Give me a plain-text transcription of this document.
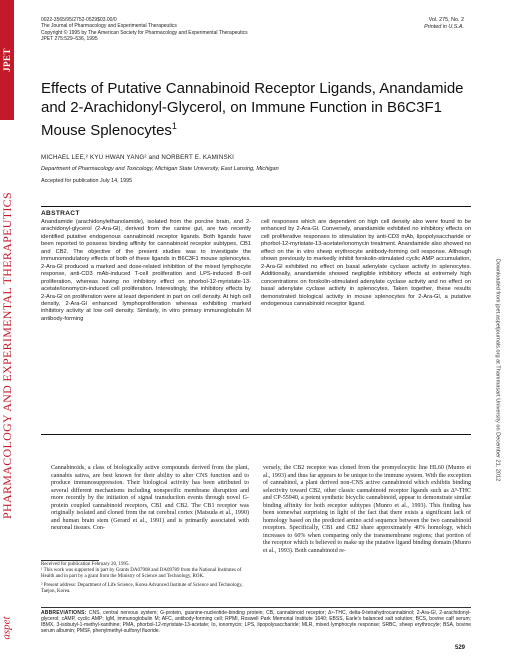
JPET
PHARMACOLOGY AND EXPERIMENTAL THERAPEUTICS
aspet
Downloaded from jpet.aspetjournals.org at Thammasart University on December 21, 2012
0022-3565/95/2752-0529$03.00/0
The Journal of Pharmacology and Experimental Therapeutics
Copyright © 1995 by The American Society for Pharmacology and Experimental Therapeutics
JPET 275:529–536, 1995
Vol. 275, No. 2
Printed in U.S.A.
Effects of Putative Cannabinoid Receptor Ligands, Anandamide and 2-Arachidonyl-Glycerol, on Immune Function in B6C3F1 Mouse Splenocytes$^1$
MICHAEL LEE,² KYU HWAN YANG² and NORBERT E. KAMINSKI
Department of Pharmacology and Toxicology, Michigan State University, East Lansing, Michigan
Accepted for publication July 14, 1995
ABSTRACT
Anandamide (arachidonylethanolamide), isolated from the porcine brain, and 2-arachidonyl-glycerol (2-Ara-Gl), derived from the canine gut, are two recently identified putative endogenous cannabinoid receptor ligands. Both ligands have been reported to possess binding affinity for cannabinoid receptor subtypes, CB1 and CB2. The objective of the present studies was to investigate the immunomodulatory effects of both of these ligands in B6C3F1 mouse splenocytes. 2-Ara-Gl produced a marked and dose-related inhibition of the mixed lymphocyte response, anti-CD3 mAb-induced T-cell proliferation and LPS-induced B-cell proliferation, whereas having no inhibitory effect on phorbol-12-myristate-13-acetate/ionomycin-induced cell proliferation. Interestingly, the inhibitory effects by 2-Ara-Gl on proliferation were at least dependent in part on cell density. At high cell density, 2-Ara-Gl enhanced lymphoproliferation whereas exhibiting marked inhibitory activity at low cell density. Similarly, in vitro primary immunoglobulin M antibody-forming
cell responses which are dependent on high cell density also were found to be enhanced by 2-Ara-Gl. Conversely, anandamide exhibited no inhibitory effects on cell proliferative responses to stimulation by anti-CD3 mAb, lipopolysaccharide or phorbol-12-myristate-13-acetate/ionomycin treatment. Anandamide also showed no effect on the in vitro sheep erythrocyte antibody-forming cell response. Although shown previously to markedly inhibit forskolin-stimulated cyclic AMP accumulation, 2-Ara-Gl exhibited no effect on basal adenylate cyclase activity in splenocytes. Additionally, anandamide showed negligible inhibitory effects at extremely high concentrations on forskolin-stimulated adenylate cyclase activity and no effect on basal adenylate cyclase activity in splenocytes. Taken together, these results demonstrated biological activity in mouse splenocytes for 2-Ara-Gl, a putative endogenous cannabinoid receptor ligand.
Cannabinoids, a class of biologically active compounds derived from the plant, cannabis sativa, are best known for their ability to alter CNS function and to produce immunosuppression. Their biological activity has been attributed to several different mechanisms including nonspecific membrane disruption and more recently by the initiation of signal transduction events through novel G-protein coupled cannabinoid receptors, CB1 and CB2. The CB1 receptor was originally isolated and cloned from the rat cerebral cortex (Matsuda et al., 1990) and human brain stem (Gerard et al., 1991) and is primarily associated with neuronal tissues. Con-
versely, the CB2 receptor was cloned from the promyelocytic line HL60 (Munro et al., 1993) and thus far appears to be unique to the immune system. With the exception of cannabinol, a plant derived non-CNS active cannabinoid which exhibits binding selectivity toward CB2, other classic cannabinoid receptor ligands such as Δ⁹-THC and CP-55940, a potent synthetic bicyclic cannabinoid, appear to demonstrate similar binding affinity for both receptor subtypes (Munro et al., 1993). This finding has been somewhat surprising in light of the fact that there exists a significant lack of homology based on the predicted amino acid sequence between the two cannabinoid receptors. Specifically, CB1 and CB2 share approximately 40% homology, which increases to 60% when comparing only the transmembrane regions; that portion of the receptor which is believed to make up the putative ligand binding domain (Munro et al., 1993). Both cannabinoid re-
Received for publication February 20, 1995.
¹ This work was supported in part by Grants DA07908 and DA09789 from the National Institutes of Health and in part by a grant from the Ministry of Science and Technology, ROK.
² Present address: Department of Life Science, Korea Advanced Institute of Science and Technology, Taejon, Korea.
ABBREVIATIONS: CNS, central nervous system; G-protein, guanine-nucleotide-binding protein; CB, cannabinoid receptor; Δ⁹-THC, delta-9-tetrahydrocannabinol; 2-Ara-Gl, 2-arachidonyl-glycerol; cAMP, cyclic AMP; IgM, immunoglobulin M; AFC, antibody-forming cell; RPMI, Roswell Park Memorial Institute 1640; EBSS, Earle's balanced salt solution; BCS, bovine calf serum; IBMX, 3-isobutyl-1-methyl-xanthine; PMA, phorbol-12-myristate-13-acetate; Io, ionomycin; LPS, lipopolysaccharide; MLR, mixed lymphocyte response; SRBC, sheep erythrocyte; BSA, bovine serum albumin; PMSF, phenylmethyl-sulfonyl fluoride.
529
